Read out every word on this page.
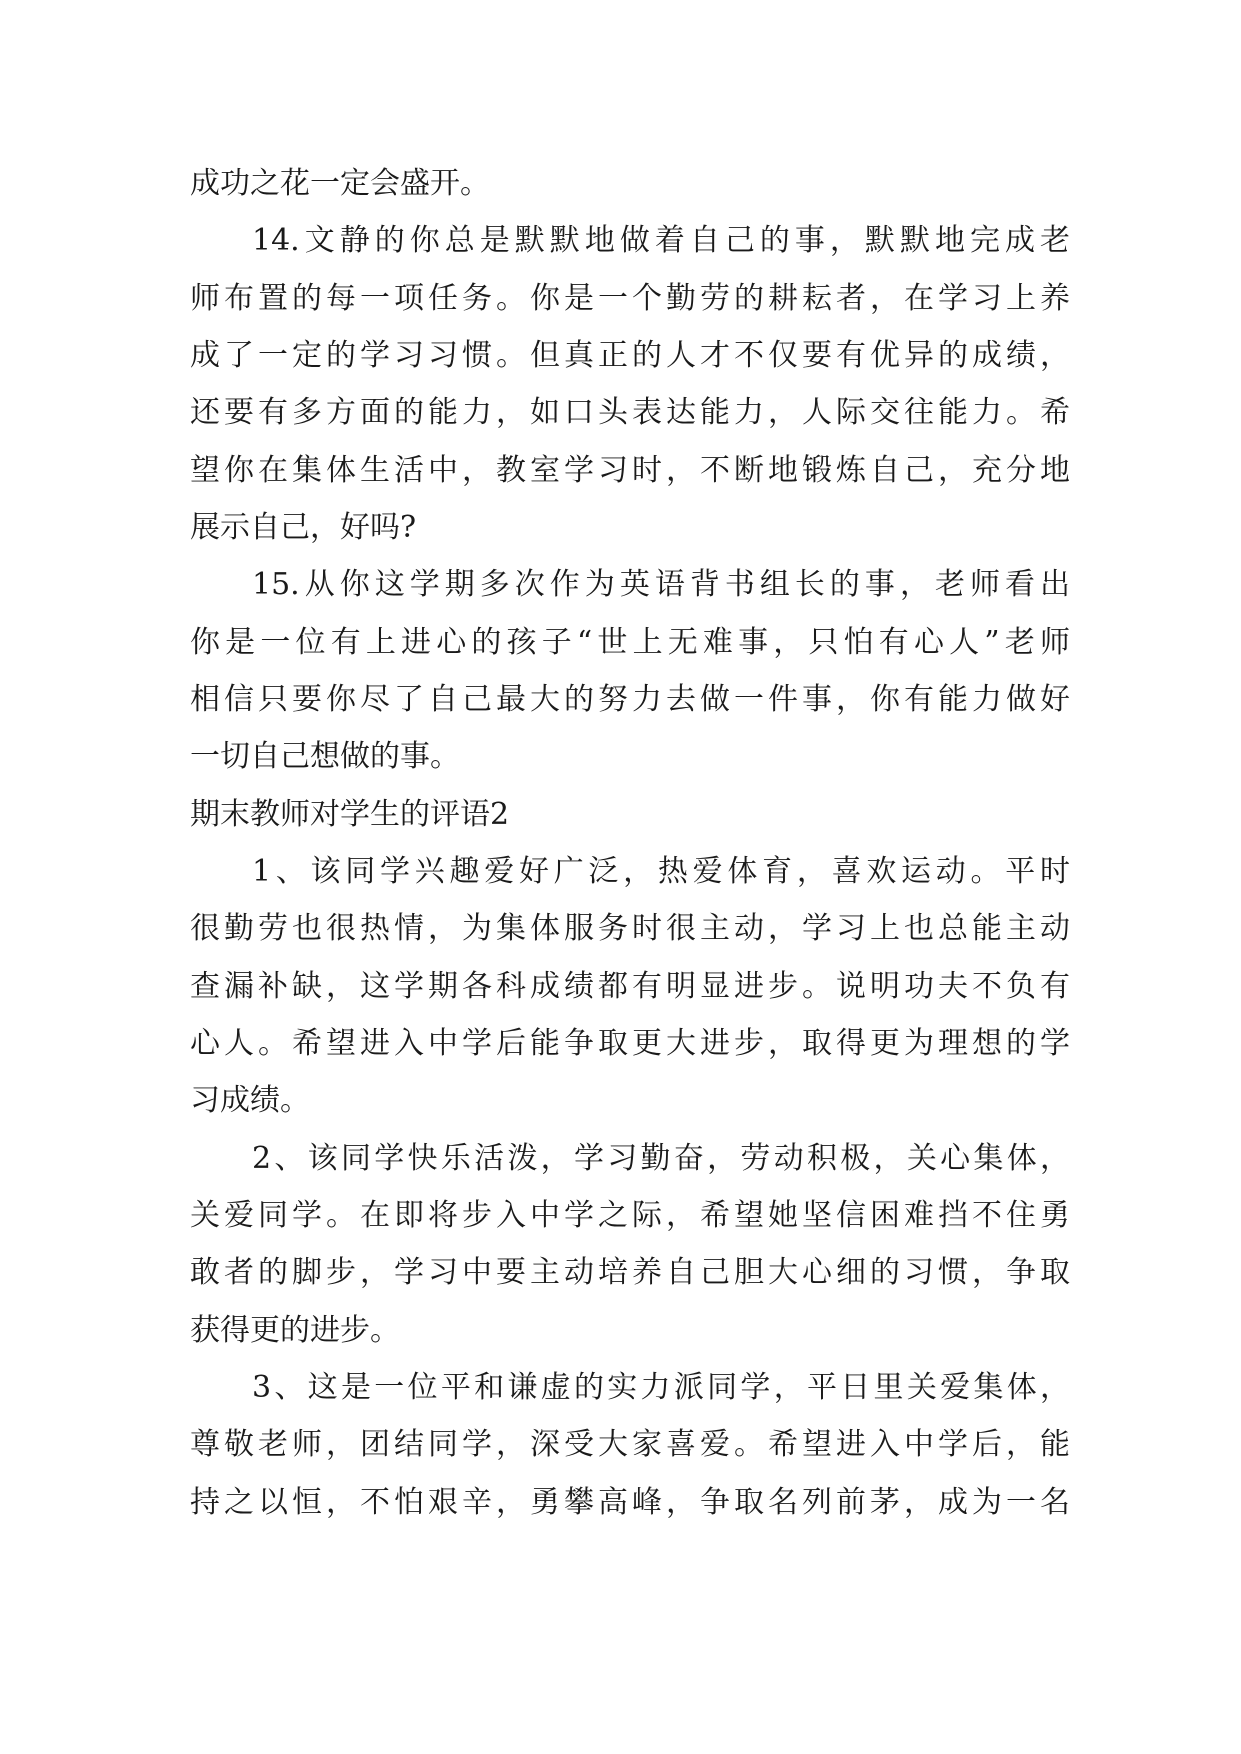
成功之花一定会盛开。
14.文静的你总是默默地做着自己的事，默默地完成老
师布置的每一项任务。你是一个勤劳的耕耘者，在学习上养
成了一定的学习习惯。但真正的人才不仅要有优异的成绩，
还要有多方面的能力，如口头表达能力，人际交往能力。希
望你在集体生活中，教室学习时，不断地锻炼自己，充分地
展示自己，好吗?
15.从你这学期多次作为英语背书组长的事，老师看出
你是一位有上进心的孩子“世上无难事，只怕有心人”老师
相信只要你尽了自己最大的努力去做一件事，你有能力做好
一切自己想做的事。
期末教师对学生的评语2
1、该同学兴趣爱好广泛，热爱体育，喜欢运动。平时
很勤劳也很热情，为集体服务时很主动，学习上也总能主动
查漏补缺，这学期各科成绩都有明显进步。说明功夫不负有
心人。希望进入中学后能争取更大进步，取得更为理想的学
习成绩。
2、该同学快乐活泼，学习勤奋，劳动积极，关心集体，
关爱同学。在即将步入中学之际，希望她坚信困难挡不住勇
敢者的脚步，学习中要主动培养自己胆大心细的习惯，争取
获得更的进步。
3、这是一位平和谦虚的实力派同学，平日里关爱集体，
尊敬老师，团结同学，深受大家喜爱。希望进入中学后，能
持之以恒，不怕艰辛，勇攀高峰，争取名列前茅，成为一名
